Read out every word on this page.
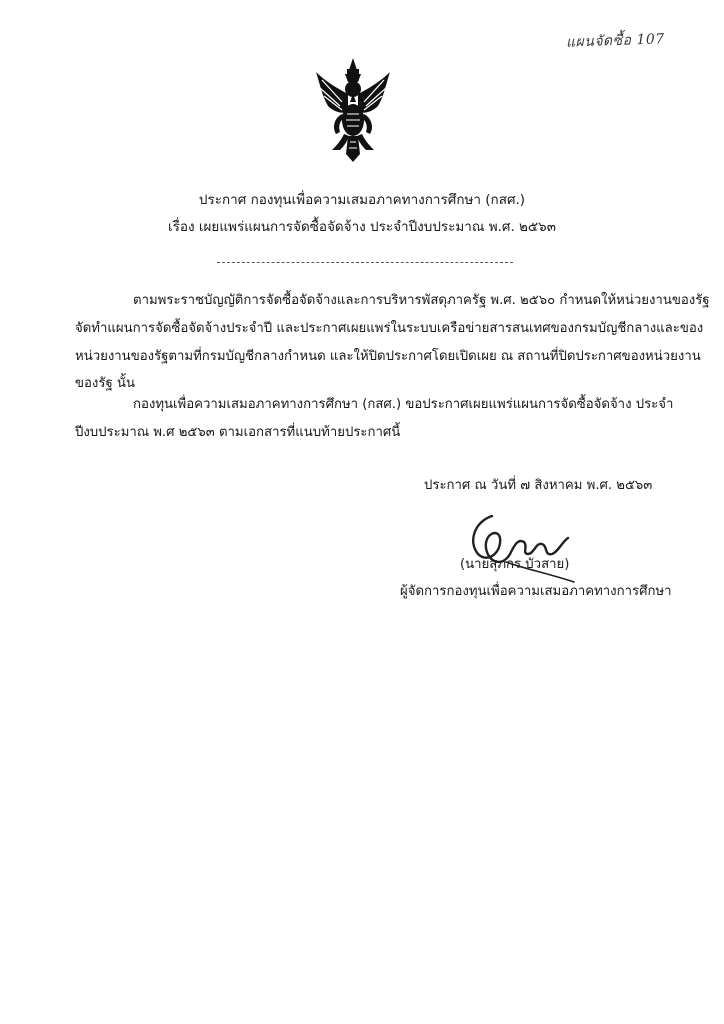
แผนจัดซื้อ 107
ประกาศ กองทุนเพื่อความเสมอภาคทางการศึกษา (กสศ.)
เรื่อง เผยแพร่แผนการจัดซื้อจัดจ้าง ประจำปีงบประมาณ พ.ศ. ๒๕๖๓
ตามพระราชบัญญัติการจัดซื้อจัดจ้างและการบริหารพัสดุภาครัฐ พ.ศ. ๒๕๖๐ กำหนดให้หน่วยงานของรัฐ
จัดทำแผนการจัดซื้อจัดจ้างประจำปี และประกาศเผยแพร่ในระบบเครือข่ายสารสนเทศของกรมบัญชีกลางและของ
หน่วยงานของรัฐตามที่กรมบัญชีกลางกำหนด และให้ปิดประกาศโดยเปิดเผย ณ สถานที่ปิดประกาศของหน่วยงาน
ของรัฐ นั้น
กองทุนเพื่อความเสมอภาคทางการศึกษา (กสศ.) ขอประกาศเผยแพร่แผนการจัดซื้อจัดจ้าง ประจำ
ปีงบประมาณ พ.ศ ๒๕๖๓ ตามเอกสารที่แนบท้ายประกาศนี้
ประกาศ ณ วันที่ ๗ สิงหาคม พ.ศ. ๒๕๖๓
(นายสุภกร บัวสาย)
ผู้จัดการกองทุนเพื่อความเสมอภาคทางการศึกษา
